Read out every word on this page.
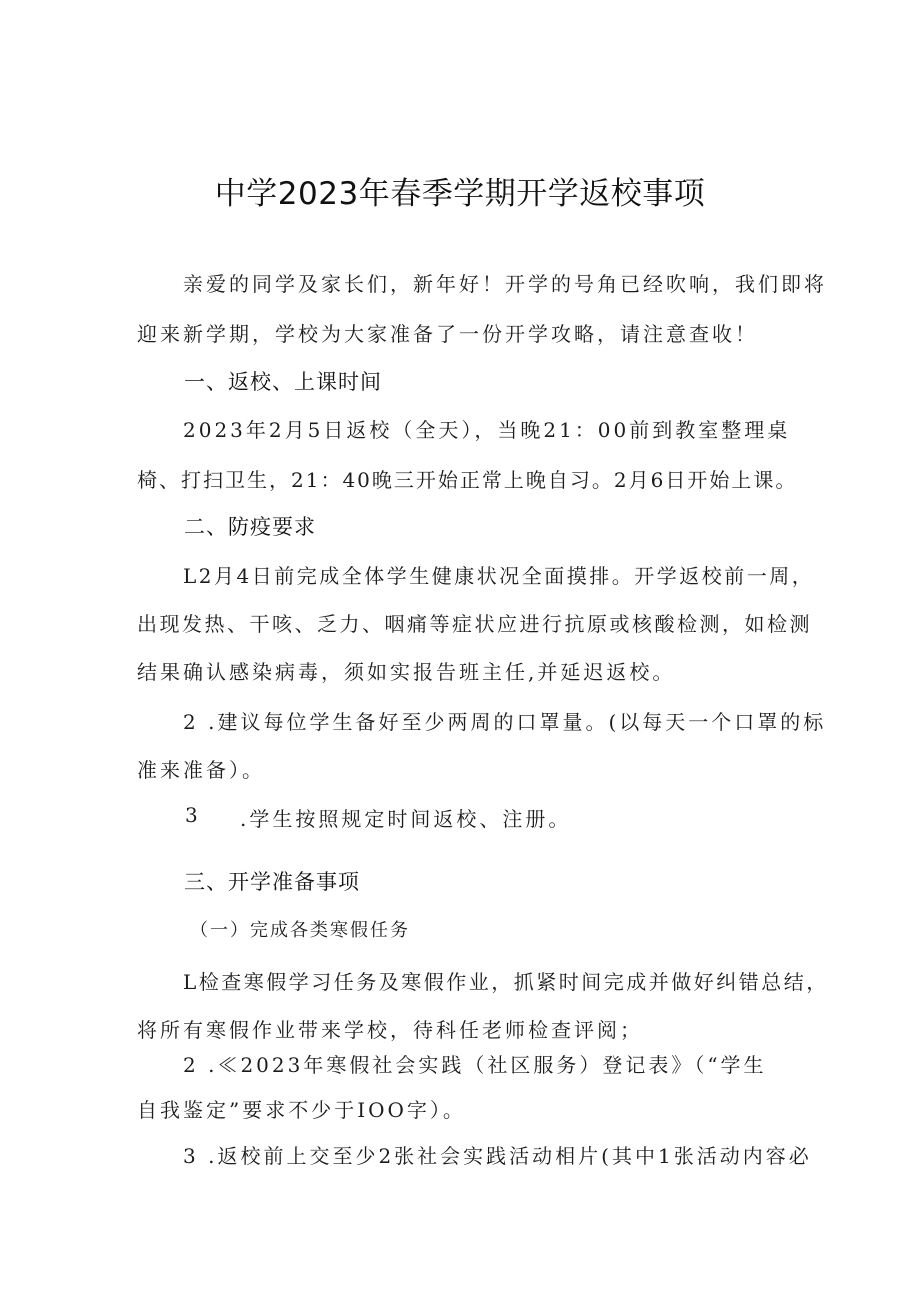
中学2023年春季学期开学返校事项
亲爱的同学及家长们，新年好！开学的号角已经吹响，我们即将
迎来新学期，学校为大家准备了一份开学攻略，请注意查收！
一、返校、上课时间
2023年2月5日返校（全天），当晚21：00前到教室整理桌
椅、打扫卫生，21：40晚三开始正常上晚自习。2月6日开始上课。
二、防疫要求
L2月4日前完成全体学生健康状况全面摸排。开学返校前一周，
出现发热、干咳、乏力、咽痛等症状应进行抗原或核酸检测，如检测
结果确认感染病毒，须如实报告班主任,并延迟返校。
2 .建议每位学生备好至少两周的口罩量。(以每天一个口罩的标
准来准备）。
3 .学生按照规定时间返校、注册。
三、开学准备事项
（一）完成各类寒假任务
L检查寒假学习任务及寒假作业，抓紧时间完成并做好纠错总结，
将所有寒假作业带来学校，待科任老师检查评阅；
2 .≪2023年寒假社会实践（社区服务）登记表》（“学生
自我鉴定”要求不少于IOO字）。
3 .返校前上交至少2张社会实践活动相片(其中1张活动内容必
